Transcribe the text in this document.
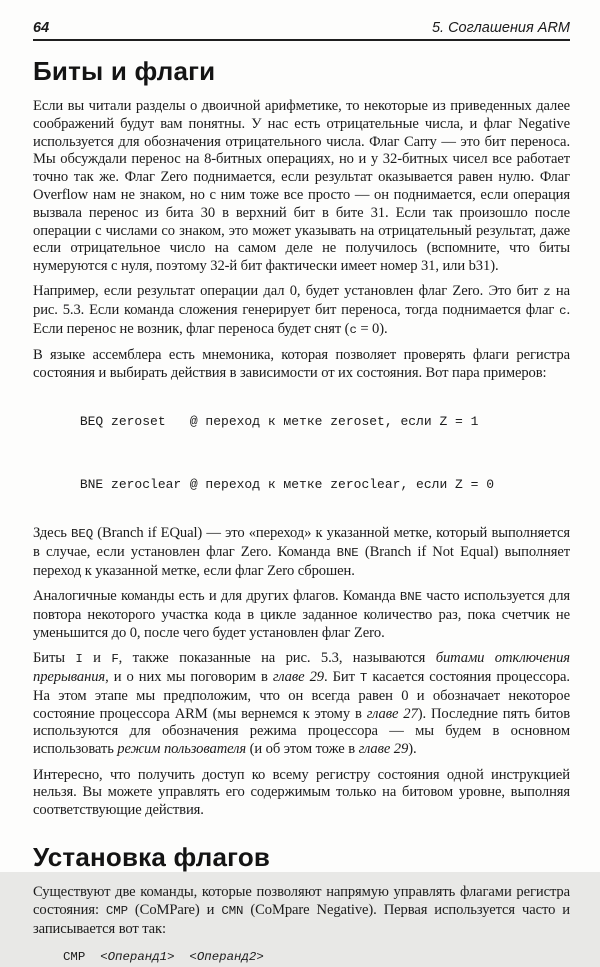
64	5. Соглашения ARM
Биты и флаги

Если вы читали разделы о двоичной арифметике, то некоторые из приведенных далее соображений будут вам понятны. У нас есть отрицательные числа, и флаг Negative используется для обозначения отрицательного числа. Флаг Carry — это бит переноса. Мы обсуждали перенос на 8-битных операциях, но и у 32-битных чисел все работает точно так же. Флаг Zero поднимается, если результат оказывается равен нулю. Флаг Overflow нам не знаком, но с ним тоже все просто — он поднимается, если операция вызвала перенос из бита 30 в верхний бит в бите 31. Если так произошло после операции с числами со знаком, это может указывать на отрицательный результат, даже если отрицательное число на самом деле не получилось (вспомните, что биты нумеруются с нуля, поэтому 32-й бит фактически имеет номер 31, или b31).

Например, если результат операции дал 0, будет установлен флаг Zero. Это бит z на рис. 5.3. Если команда сложения генерирует бит переноса, тогда поднимается флаг c. Если перенос не возник, флаг переноса будет снят (c = 0).

В языке ассемблера есть мнемоника, которая позволяет проверять флаги регистра состояния и выбирать действия в зависимости от их состояния. Вот пара примеров:

BEQ zeroset @ переход к метке zeroset, если Z = 1

BNE zeroclear @ переход к метке zeroclear, если Z = 0

Здесь BEQ (Branch if EQual) — это «переход» к указанной метке, который выполняется в случае, если установлен флаг Zero. Команда BNE (Branch if Not Equal) выполняет переход к указанной метке, если флаг Zero сброшен.

Аналогичные команды есть и для других флагов. Команда BNE часто используется для повтора некоторого участка кода в цикле заданное количество раз, пока счетчик не уменьшится до 0, после чего будет установлен флаг Zero.

Биты I и F, также показанные на рис. 5.3, называются битами отключения прерывания, и о них мы поговорим в главе 29. Бит T касается состояния процессора. На этом этапе мы предположим, что он всегда равен 0 и обозначает некоторое состояние процессора ARM (мы вернемся к этому в главе 27). Последние пять битов используются для обозначения режима процессора — мы будем в основном использовать режим пользователя (и об этом тоже в главе 29).

Интересно, что получить доступ ко всему регистру состояния одной инструкцией нельзя. Вы можете управлять его содержимым только на битовом уровне, выполняя соответствующие действия.

Установка флагов

Существуют две команды, которые позволяют напрямую управлять флагами регистра состояния: CMP (CoMPare) и CMN (CoMpare Negative). Первая используется часто и записывается вот так:

CMP  <Операнд1>  <Операнд2>
